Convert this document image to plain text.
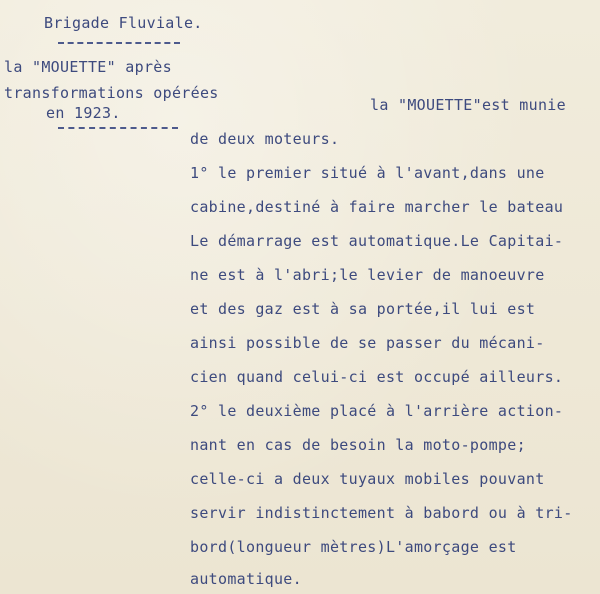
Brigade Fluviale.
la "MOUETTE" après
transformations opérées
en 1923.	la "MOUETTE"est munie
de deux moteurs.
1° le premier situé à l'avant,dans une
cabine,destiné à faire marcher le bateau
Le démarrage est automatique.Le Capitai-
ne est à l'abri;le levier de manoeuvre
et des gaz est à sa portée,il lui est
ainsi possible de se passer du mécani-
cien quand celui-ci est occupé ailleurs.
2° le deuxième placé à l'arrière action-
nant en cas de besoin la moto-pompe;
celle-ci a deux tuyaux mobiles pouvant
servir indistinctement à babord ou à tri-
bord(longueur mètres)L'amorçage est
automatique.
